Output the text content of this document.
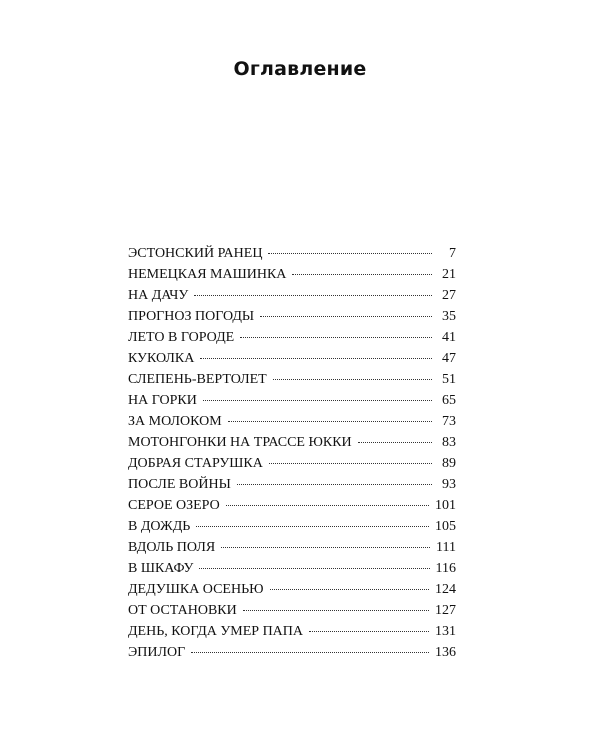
Оглавление
ЭСТОНСКИЙ РАНЕЦ	7
НЕМЕЦКАЯ МАШИНКА	21
НА ДАЧУ	27
ПРОГНОЗ ПОГОДЫ	35
ЛЕТО В ГОРОДЕ	41
КУКОЛКА	47
СЛЕПЕНЬ-ВЕРТОЛЕТ	51
НА ГОРКИ	65
ЗА МОЛОКОМ	73
МОТОНГОНКИ НА ТРАССЕ ЮККИ	83
ДОБРАЯ СТАРУШКА	89
ПОСЛЕ ВОЙНЫ	93
СЕРОЕ ОЗЕРО	101
В ДОЖДЬ	105
ВДОЛЬ ПОЛЯ	111
В ШКАФУ	116
ДЕДУШКА ОСЕНЬЮ	124
ОТ ОСТАНОВКИ	127
ДЕНЬ, КОГДА УМЕР ПАПА	131
ЭПИЛОГ	136
